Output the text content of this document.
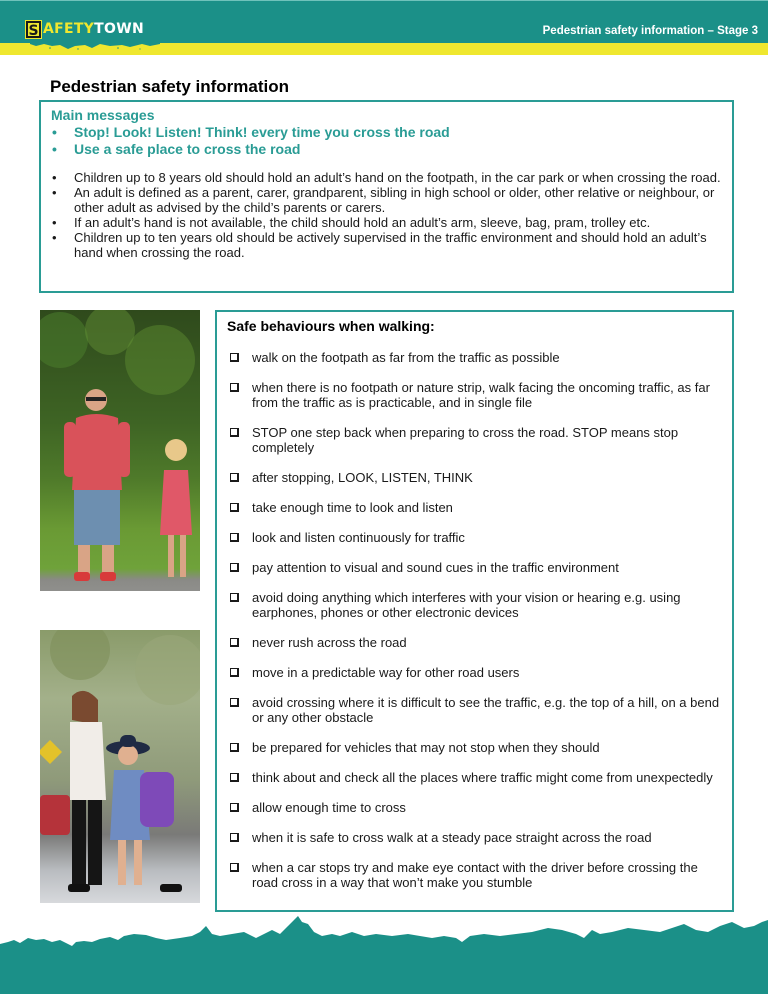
S AFETY TOWN	Pedestrian safety information – Stage 3
Pedestrian safety information
Main messages
• Stop! Look! Listen! Think! every time you cross the road
• Use a safe place to cross the road
• Children up to 8 years old should hold an adult’s hand on the footpath, in the car park or when crossing the road.
• An adult is defined as a parent, carer, grandparent, sibling in high school or older, other relative or neighbour, or other adult as advised by the child’s parents or carers.
• If an adult’s hand is not available, the child should hold an adult’s arm, sleeve, bag, pram, trolley etc.
• Children up to ten years old should be actively supervised in the traffic environment and should hold an adult’s hand when crossing the road.
Safe behaviours when walking:
walk on the footpath as far from the traffic as possible
when there is no footpath or nature strip, walk facing the oncoming traffic, as far from the traffic as is practicable, and in single file
STOP one step back when preparing to cross the road. STOP means stop completely
after stopping, LOOK, LISTEN, THINK
take enough time to look and listen
look and listen continuously for traffic
pay attention to visual and sound cues in the traffic environment
avoid doing anything which interferes with your vision or hearing e.g. using earphones, phones or other electronic devices
never rush across the road
move in a predictable way for other road users
avoid crossing where it is difficult to see the traffic, e.g. the top of a hill, on a bend or any other obstacle
be prepared for vehicles that may not stop when they should
think about and check all the places where traffic might come from unexpectedly
allow enough time to cross
when it is safe to cross walk at a steady pace straight across the road
when a car stops try and make eye contact with the driver before crossing the road cross in a way that won’t make you stumble
